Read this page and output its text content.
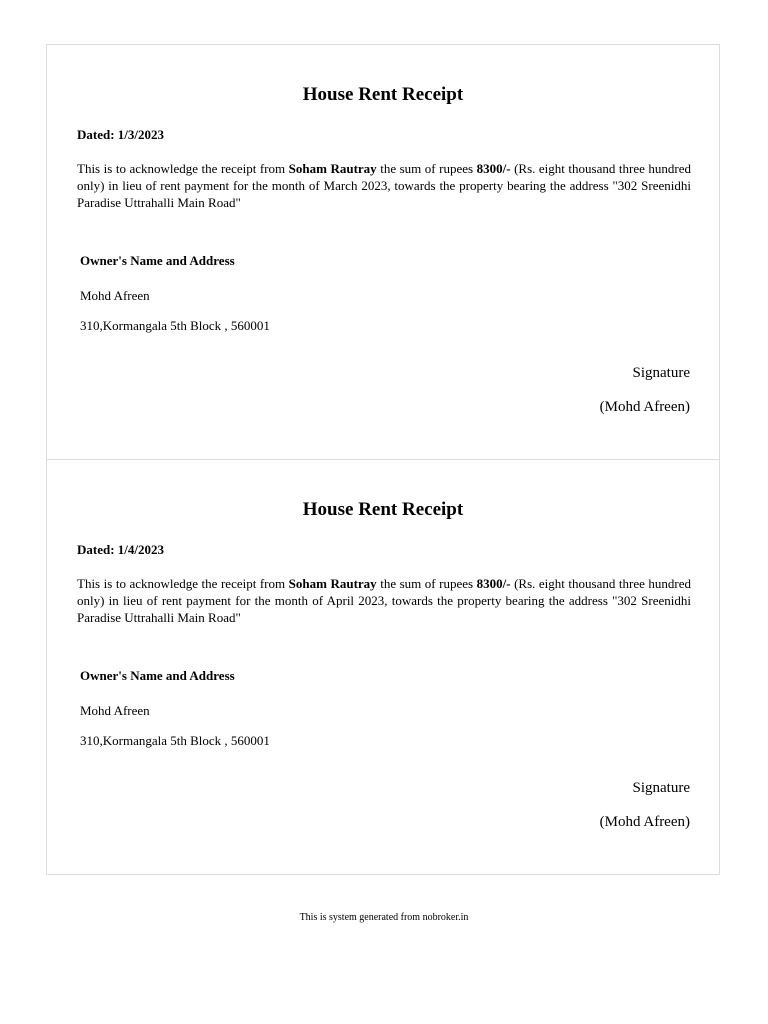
House Rent Receipt
Dated: 1/3/2023
This is to acknowledge the receipt from Soham Rautray the sum of rupees 8300/- (Rs. eight thousand three hundred only) in lieu of rent payment for the month of March 2023, towards the property bearing the address "302 Sreenidhi Paradise Uttrahalli Main Road"
Owner's Name and Address
Mohd Afreen
310,Kormangala 5th Block , 560001
Signature
(Mohd Afreen)
House Rent Receipt
Dated: 1/4/2023
This is to acknowledge the receipt from Soham Rautray the sum of rupees 8300/- (Rs. eight thousand three hundred only) in lieu of rent payment for the month of April 2023, towards the property bearing the address "302 Sreenidhi Paradise Uttrahalli Main Road"
Owner's Name and Address
Mohd Afreen
310,Kormangala 5th Block , 560001
Signature
(Mohd Afreen)
This is system generated from nobroker.in
